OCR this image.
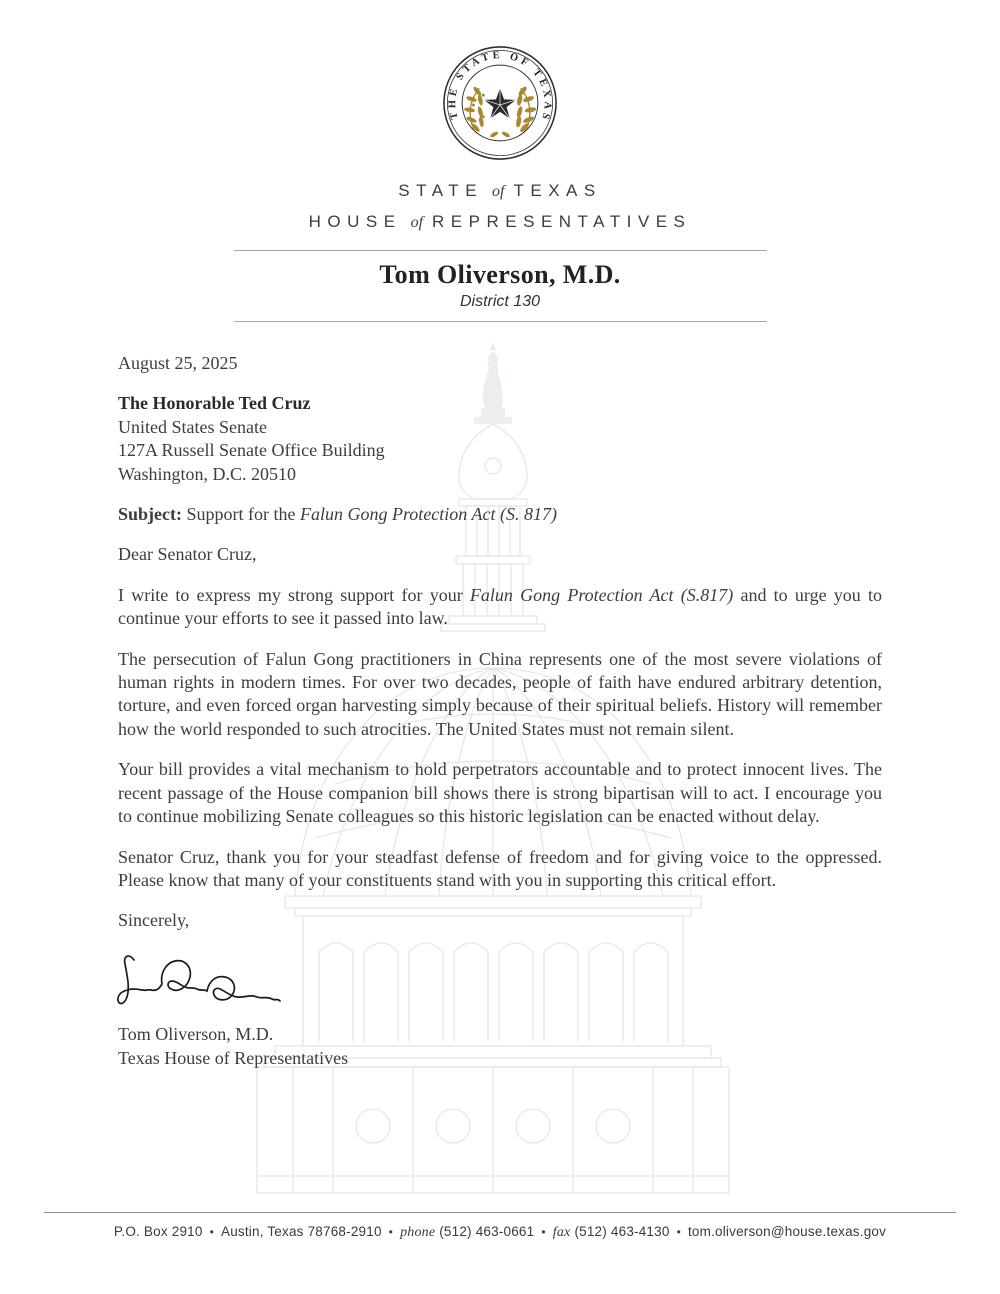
THE STATE OF TEXAS
STATE of TEXAS
HOUSE of REPRESENTATIVES
Tom Oliverson, M.D.
District 130
August 25, 2025
The Honorable Ted Cruz
United States Senate
127A Russell Senate Office Building
Washington, D.C. 20510
Subject: Support for the Falun Gong Protection Act (S. 817)
Dear Senator Cruz,

I write to express my strong support for your Falun Gong Protection Act (S.817) and to urge you to continue your efforts to see it passed into law.

The persecution of Falun Gong practitioners in China represents one of the most severe violations of human rights in modern times. For over two decades, people of faith have endured arbitrary detention, torture, and even forced organ harvesting simply because of their spiritual beliefs. History will remember how the world responded to such atrocities. The United States must not remain silent.

Your bill provides a vital mechanism to hold perpetrators accountable and to protect innocent lives. The recent passage of the House companion bill shows there is strong bipartisan will to act. I encourage you to continue mobilizing Senate colleagues so this historic legislation can be enacted without delay.

Senator Cruz, thank you for your steadfast defense of freedom and for giving voice to the oppressed. Please know that many of your constituents stand with you in supporting this critical effort.

Sincerely,
Tom Oliverson, M.D.
Texas House of Representatives
P.O. Box 2910 • Austin, Texas 78768-2910 • phone (512) 463-0661 • fax (512) 463-4130 • tom.oliverson@house.texas.gov
